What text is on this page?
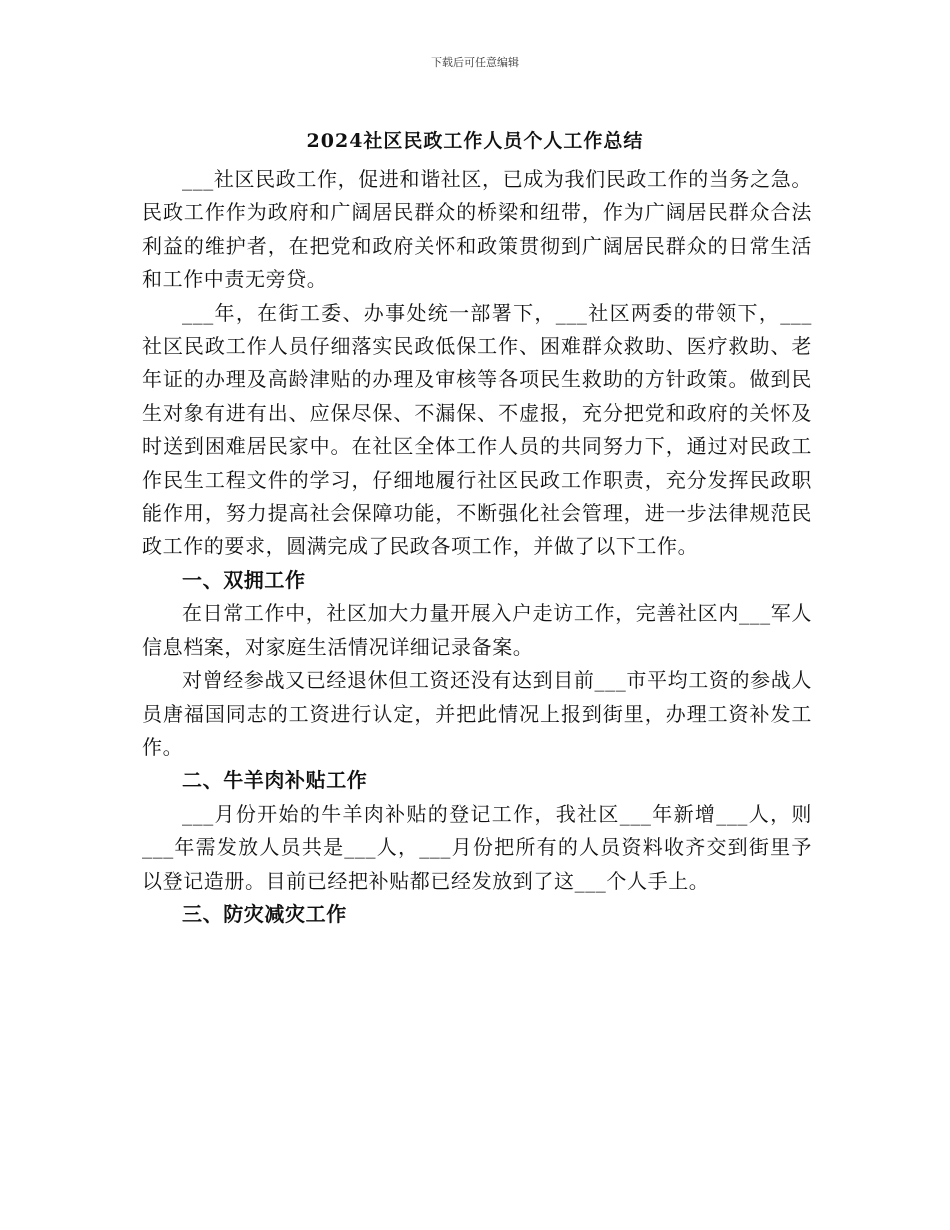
下载后可任意编辑
2024社区民政工作人员个人工作总结

___社区民政工作，促进和谐社区，已成为我们民政工作的当务之急。民政工作作为政府和广阔居民群众的桥梁和纽带，作为广阔居民群众合法利益的维护者，在把党和政府关怀和政策贯彻到广阔居民群众的日常生活和工作中责无旁贷。

___年，在街工委、办事处统一部署下，___社区两委的带领下，___社区民政工作人员仔细落实民政低保工作、困难群众救助、医疗救助、老年证的办理及高龄津贴的办理及审核等各项民生救助的方针政策。做到民生对象有进有出、应保尽保、不漏保、不虚报，充分把党和政府的关怀及时送到困难居民家中。在社区全体工作人员的共同努力下，通过对民政工作民生工程文件的学习，仔细地履行社区民政工作职责，充分发挥民政职能作用，努力提高社会保障功能，不断强化社会管理，进一步法律规范民政工作的要求，圆满完成了民政各项工作，并做了以下工作。

一、双拥工作

在日常工作中，社区加大力量开展入户走访工作，完善社区内___军人信息档案，对家庭生活情况详细记录备案。

对曾经参战又已经退休但工资还没有达到目前___市平均工资的参战人员唐福国同志的工资进行认定，并把此情况上报到街里，办理工资补发工作。

二、牛羊肉补贴工作

___月份开始的牛羊肉补贴的登记工作，我社区___年新增___人，则___年需发放人员共是___人，___月份把所有的人员资料收齐交到街里予以登记造册。目前已经把补贴都已经发放到了这___个人手上。

三、防灾减灾工作
